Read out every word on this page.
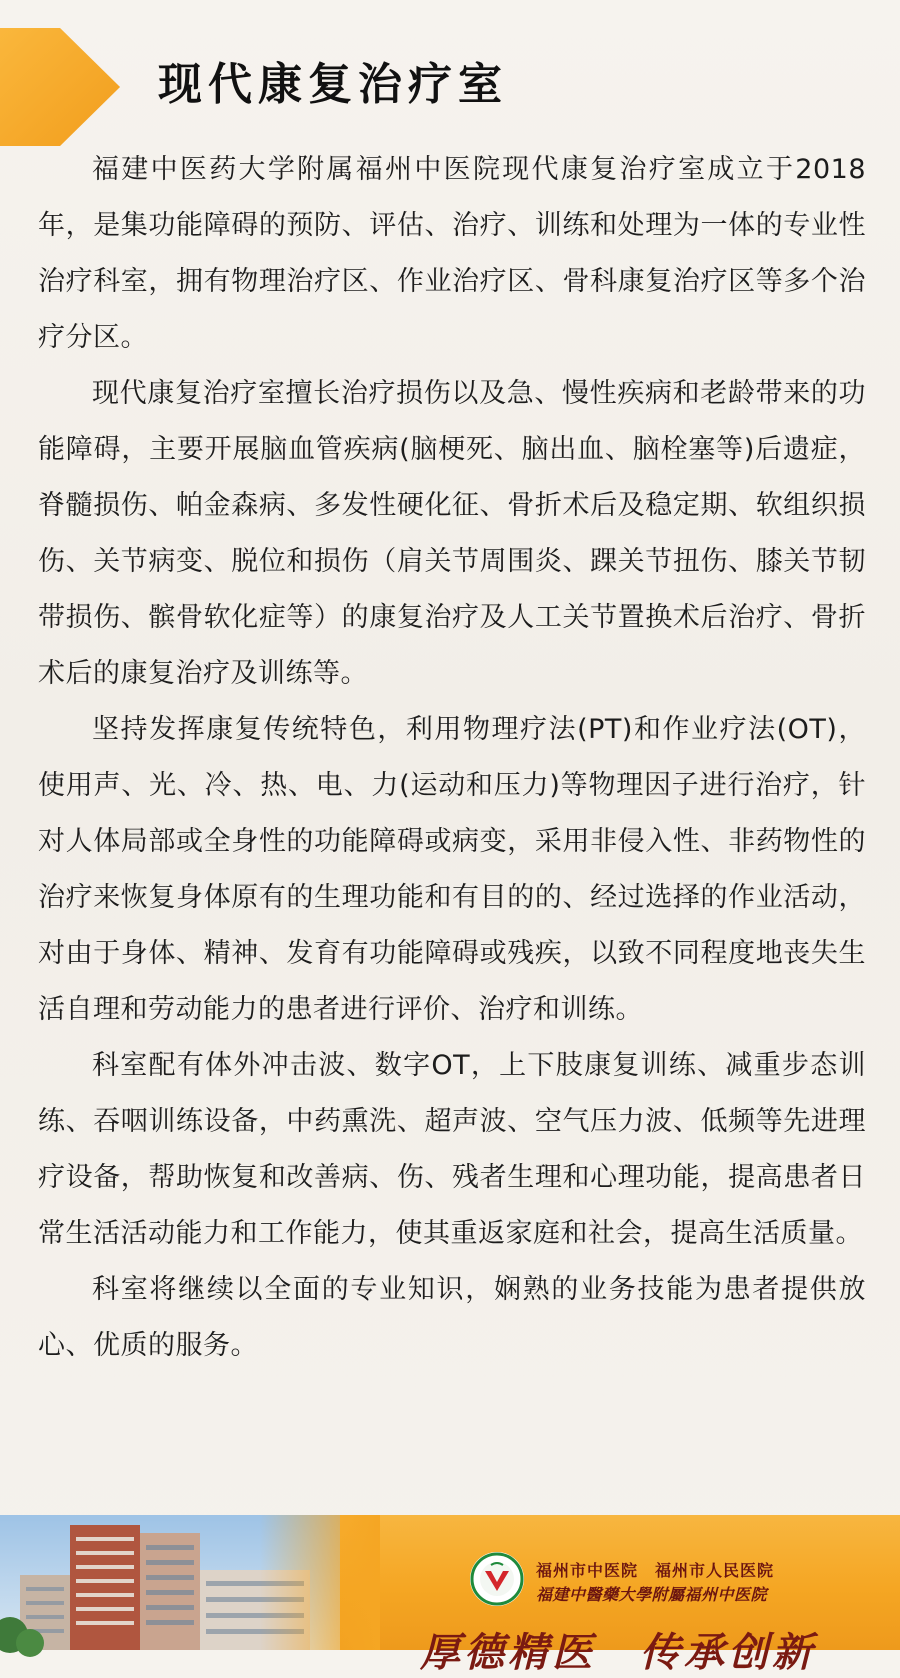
现代康复治疗室

福建中医药大学附属福州中医院现代康复治疗室成立于2018年，是集功能障碍的预防、评估、治疗、训练和处理为一体的专业性治疗科室，拥有物理治疗区、作业治疗区、骨科康复治疗区等多个治疗分区。

现代康复治疗室擅长治疗损伤以及急、慢性疾病和老龄带来的功能障碍，主要开展脑血管疾病(脑梗死、脑出血、脑栓塞等)后遗症，脊髓损伤、帕金森病、多发性硬化征、骨折术后及稳定期、软组织损伤、关节病变、脱位和损伤（肩关节周围炎、踝关节扭伤、膝关节韧带损伤、髌骨软化症等）的康复治疗及人工关节置换术后治疗、骨折术后的康复治疗及训练等。

坚持发挥康复传统特色，利用物理疗法(PT)和作业疗法(OT)，使用声、光、冷、热、电、力(运动和压力)等物理因子进行治疗，针对人体局部或全身性的功能障碍或病变，采用非侵入性、非药物性的治疗来恢复身体原有的生理功能和有目的的、经过选择的作业活动，对由于身体、精神、发育有功能障碍或残疾，以致不同程度地丧失生活自理和劳动能力的患者进行评价、治疗和训练。

科室配有体外冲击波、数字OT，上下肢康复训练、减重步态训练、吞咽训练设备，中药熏洗、超声波、空气压力波、低频等先进理疗设备，帮助恢复和改善病、伤、残者生理和心理功能，提高患者日常生活活动能力和工作能力，使其重返家庭和社会，提高生活质量。

科室将继续以全面的专业知识，娴熟的业务技能为患者提供放心、优质的服务。

福州市中医院　福州市人民医院

福建中醫藥大學附屬福州中医院

厚德精医　传承创新
